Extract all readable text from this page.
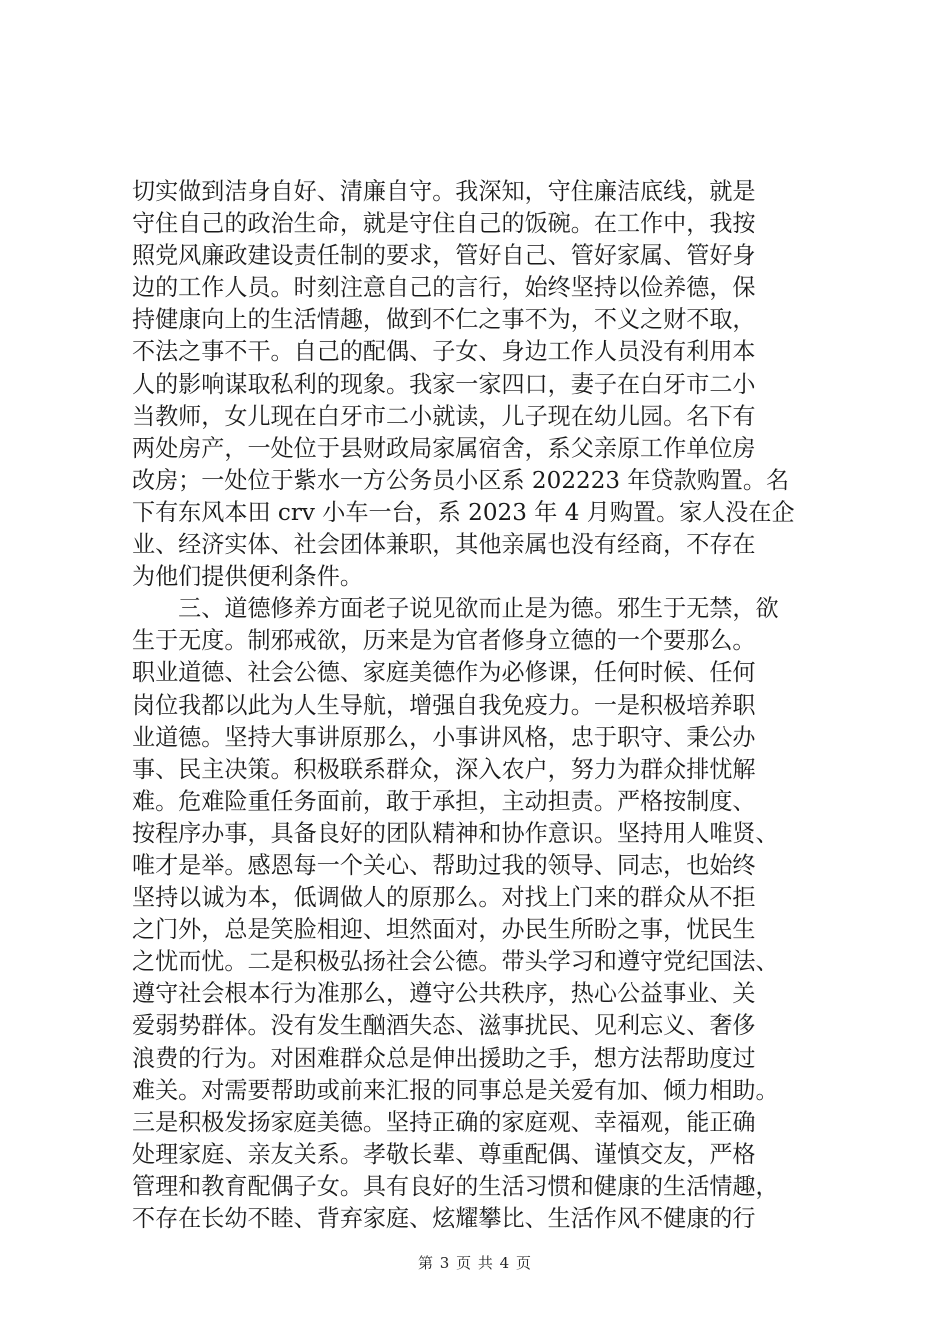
切实做到洁身自好、清廉自守。我深知，守住廉洁底线，就是
守住自己的政治生命，就是守住自己的饭碗。在工作中，我按
照党风廉政建设责任制的要求，管好自己、管好家属、管好身
边的工作人员。时刻注意自己的言行，始终坚持以俭养德，保
持健康向上的生活情趣，做到不仁之事不为，不义之财不取，
不法之事不干。自己的配偶、子女、身边工作人员没有利用本
人的影响谋取私利的现象。我家一家四口，妻子在白牙市二小
当教师，女儿现在白牙市二小就读，儿子现在幼儿园。名下有
两处房产，一处位于县财政局家属宿舍，系父亲原工作单位房
改房；一处位于紫水一方公务员小区系 202223 年贷款购置。名
下有东风本田 crv 小车一台，系 2023 年 4 月购置。家人没在企
业、经济实体、社会团体兼职，其他亲属也没有经商，不存在
为他们提供便利条件。
　　三、道德修养方面老子说见欲而止是为德。邪生于无禁，欲
生于无度。制邪戒欲，历来是为官者修身立德的一个要那么。
职业道德、社会公德、家庭美德作为必修课，任何时候、任何
岗位我都以此为人生导航，增强自我免疫力。一是积极培养职
业道德。坚持大事讲原那么，小事讲风格，忠于职守、秉公办
事、民主决策。积极联系群众，深入农户，努力为群众排忧解
难。危难险重任务面前，敢于承担，主动担责。严格按制度、
按程序办事，具备良好的团队精神和协作意识。坚持用人唯贤、
唯才是举。感恩每一个关心、帮助过我的领导、同志，也始终
坚持以诚为本，低调做人的原那么。对找上门来的群众从不拒
之门外，总是笑脸相迎、坦然面对，办民生所盼之事，忧民生
之忧而忧。二是积极弘扬社会公德。带头学习和遵守党纪国法、
遵守社会根本行为准那么，遵守公共秩序，热心公益事业、关
爱弱势群体。没有发生酗酒失态、滋事扰民、见利忘义、奢侈
浪费的行为。对困难群众总是伸出援助之手，想方法帮助度过
难关。对需要帮助或前来汇报的同事总是关爱有加、倾力相助。
三是积极发扬家庭美德。坚持正确的家庭观、幸福观，能正确
处理家庭、亲友关系。孝敬长辈、尊重配偶、谨慎交友，严格
管理和教育配偶子女。具有良好的生活习惯和健康的生活情趣，
不存在长幼不睦、背弃家庭、炫耀攀比、生活作风不健康的行
第 3 页 共 4 页
